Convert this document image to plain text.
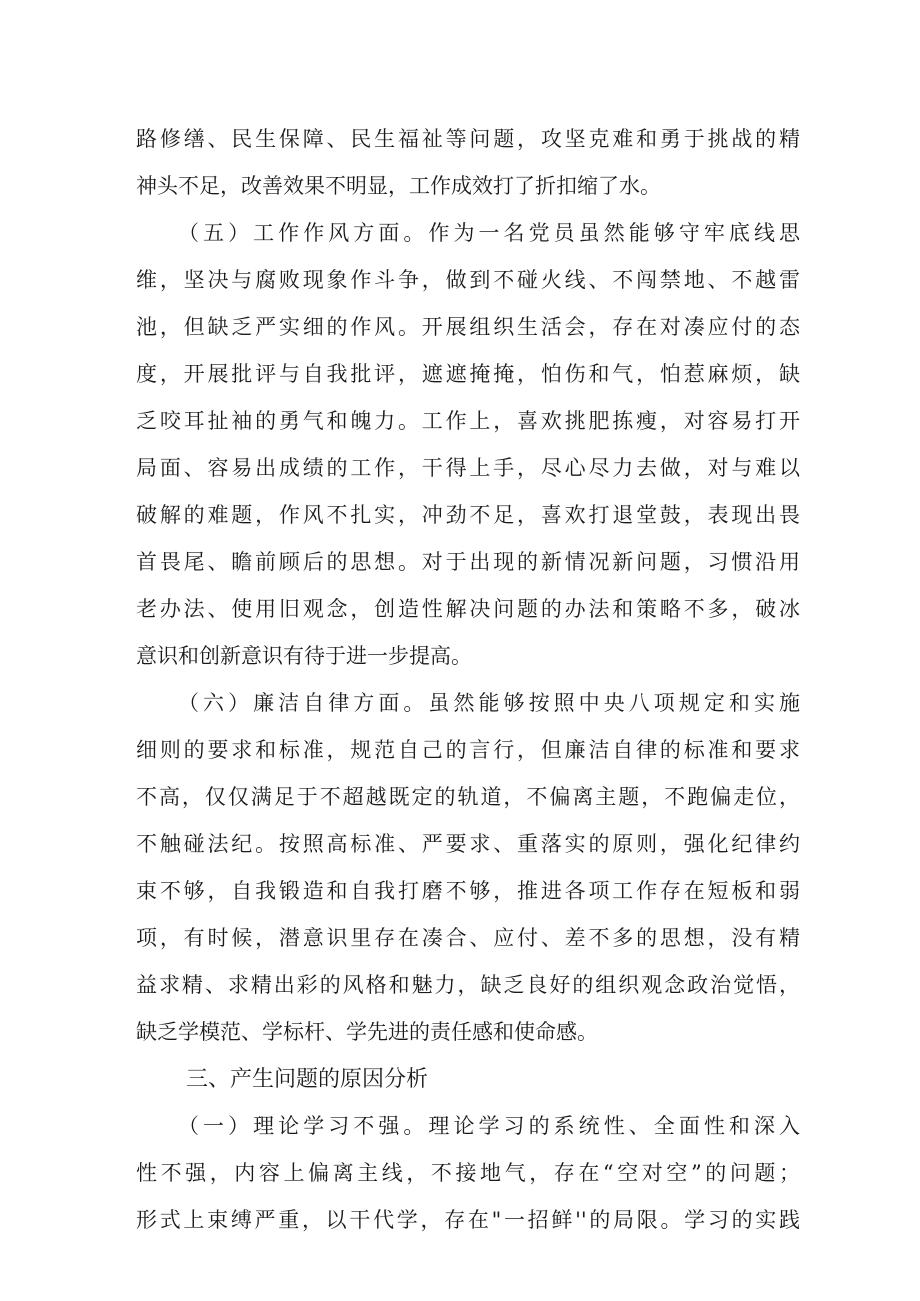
路修缮、民生保障、民生福祉等问题，攻坚克难和勇于挑战的精
神头不足，改善效果不明显，工作成效打了折扣缩了水。
（五）工作作风方面。作为一名党员虽然能够守牢底线思
维，坚决与腐败现象作斗争，做到不碰火线、不闯禁地、不越雷
池，但缺乏严实细的作风。开展组织生活会，存在对凑应付的态
度，开展批评与自我批评，遮遮掩掩，怕伤和气，怕惹麻烦，缺
乏咬耳扯袖的勇气和魄力。工作上，喜欢挑肥拣瘦，对容易打开
局面、容易出成绩的工作，干得上手，尽心尽力去做，对与难以
破解的难题，作风不扎实，冲劲不足，喜欢打退堂鼓，表现出畏
首畏尾、瞻前顾后的思想。对于出现的新情况新问题，习惯沿用
老办法、使用旧观念，创造性解决问题的办法和策略不多，破冰
意识和创新意识有待于进一步提高。
（六）廉洁自律方面。虽然能够按照中央八项规定和实施
细则的要求和标准，规范自己的言行，但廉洁自律的标准和要求
不高，仅仅满足于不超越既定的轨道，不偏离主题，不跑偏走位，
不触碰法纪。按照高标准、严要求、重落实的原则，强化纪律约
束不够，自我锻造和自我打磨不够，推进各项工作存在短板和弱
项，有时候，潜意识里存在凑合、应付、差不多的思想，没有精
益求精、求精出彩的风格和魅力，缺乏良好的组织观念政治觉悟，
缺乏学模范、学标杆、学先进的责任感和使命感。
三、产生问题的原因分析
（一）理论学习不强。理论学习的系统性、全面性和深入
性不强，内容上偏离主线，不接地气，存在“空对空”的问题；
形式上束缚严重，以干代学，存在"一招鲜''的局限。学习的实践
